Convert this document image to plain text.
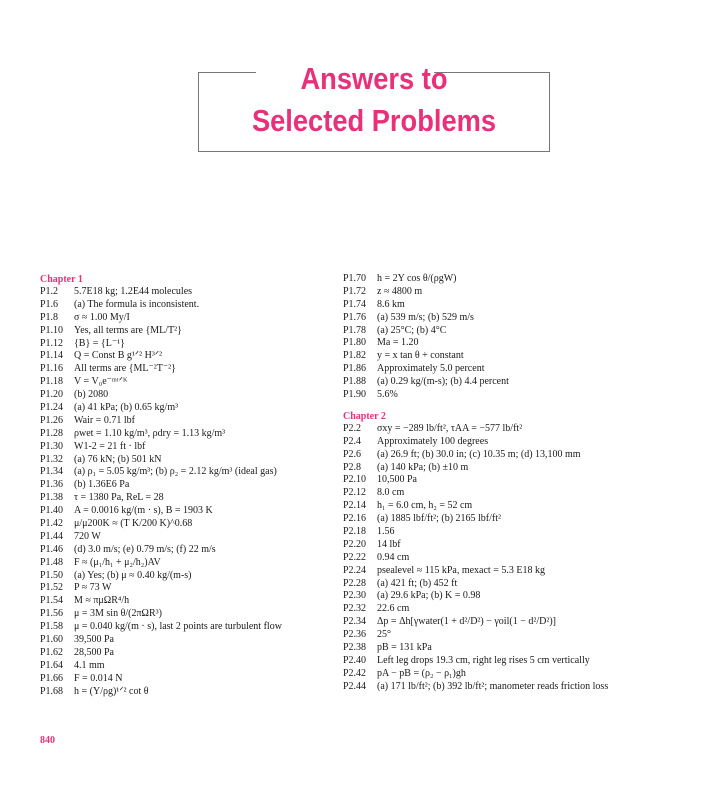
Answers to
Selected Problems
Chapter 1
P1.2	5.7E18 kg; 1.2E44 molecules
P1.6	(a) The formula is inconsistent.
P1.8	σ ≈ 1.00 My/I
P1.10	Yes, all terms are {ML/T²}
P1.12	{B} = {L⁻¹}
P1.14	Q = Const B g¹ᐟ² H³ᐟ²
P1.16	All terms are {ML⁻²T⁻²}
P1.18	V = V₀e⁻ᵐᵗᐟᴷ
P1.20	(b) 2080
P1.24	(a) 41 kPa; (b) 0.65 kg/m³
P1.26	Wair = 0.71 lbf
P1.28	ρwet = 1.10 kg/m³, ρdry = 1.13 kg/m³
P1.30	W1-2 = 21 ft · lbf
P1.32	(a) 76 kN; (b) 501 kN
P1.34	(a) ρ₁ = 5.05 kg/m³; (b) ρ₂ = 2.12 kg/m³ (ideal gas)
P1.36	(b) 1.36E6 Pa
P1.38	τ = 1380 Pa, ReL = 28
P1.40	A = 0.0016 kg/(m · s), B = 1903 K
P1.42	μ/μ200K ≈ (T K/200 K)^0.68
P1.44	720 W
P1.46	(d) 3.0 m/s; (e) 0.79 m/s; (f) 22 m/s
P1.48	F ≈ (μ₁/h₁ + μ₂/h₂)AV
P1.50	(a) Yes; (b) μ ≈ 0.40 kg/(m-s)
P1.52	P ≈ 73 W
P1.54	M ≈ πμΩR⁴/h
P1.56	μ = 3M sin θ/(2πΩR³)
P1.58	μ = 0.040 kg/(m · s), last 2 points are turbulent flow
P1.60	39,500 Pa
P1.62	28,500 Pa
P1.64	4.1 mm
P1.66	F = 0.014 N
P1.68	h = (Y/ρg)¹ᐟ² cot θ
P1.70	h = 2Y cos θ/(ρgW)
P1.72	z ≈ 4800 m
P1.74	8.6 km
P1.76	(a) 539 m/s; (b) 529 m/s
P1.78	(a) 25°C; (b) 4°C
P1.80	Ma = 1.20
P1.82	y = x tan θ + constant
P1.86	Approximately 5.0 percent
P1.88	(a) 0.29 kg/(m-s); (b) 4.4 percent
P1.90	5.6%
Chapter 2
P2.2	σxy = −289 lb/ft², τAA = −577 lb/ft²
P2.4	Approximately 100 degrees
P2.6	(a) 26.9 ft; (b) 30.0 in; (c) 10.35 m; (d) 13,100 mm
P2.8	(a) 140 kPa; (b) ±10 m
P2.10	10,500 Pa
P2.12	8.0 cm
P2.14	h₁ = 6.0 cm, h₂ = 52 cm
P2.16	(a) 1885 lbf/ft²; (b) 2165 lbf/ft²
P2.18	1.56
P2.20	14 lbf
P2.22	0.94 cm
P2.24	psealevel ≈ 115 kPa, mexact = 5.3 E18 kg
P2.28	(a) 421 ft; (b) 452 ft
P2.30	(a) 29.6 kPa; (b) K = 0.98
P2.32	22.6 cm
P2.34	Δp = Δh[γwater(1 + d²/D²) − γoil(1 − d²/D²)]
P2.36	25°
P2.38	pB = 131 kPa
P2.40	Left leg drops 19.3 cm, right leg rises 5 cm vertically
P2.42	pA − pB = (ρ₂ − ρ₁)gh
P2.44	(a) 171 lb/ft²; (b) 392 lb/ft²; manometer reads friction loss
840
